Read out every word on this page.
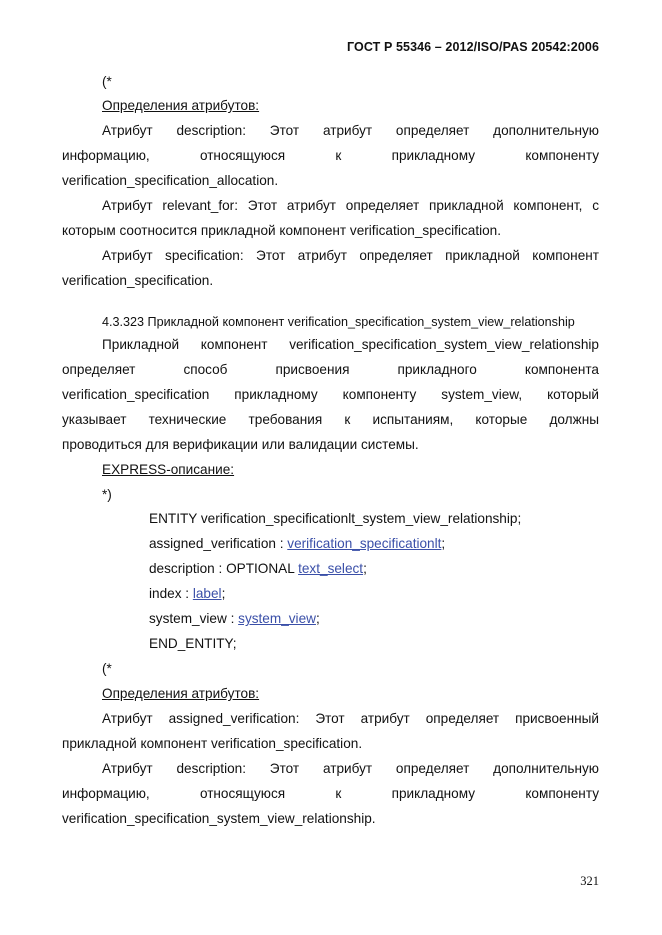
ГОСТ Р 55346 – 2012/ISO/PAS 20542:2006
(*
Определения атрибутов:
Атрибут description: Этот атрибут определяет дополнительную
информацию, относящуюся к прикладному компоненту
verification_specification_allocation.
Атрибут relevant_for: Этот атрибут определяет прикладной компонент, с
которым соотносится прикладной компонент verification_specification.
Атрибут specification: Этот атрибут определяет прикладной компонент
verification_specification.
4.3.323 Прикладной компонент verification_specification_system_view_relationship
Прикладной компонент verification_specification_system_view_relationship
определяет способ присвоения прикладного компонента
verification_specification прикладному компоненту system_view, который
указывает технические требования к испытаниям, которые должны
проводиться для верификации или валидации системы.
EXPRESS-описание:
*)
ENTITY verification_specificationlt_system_view_relationship;
assigned_verification : verification_specificationlt;
description : OPTIONAL text_select;
index : label;
system_view : system_view;
END_ENTITY;
(*
Определения атрибутов:
Атрибут assigned_verification: Этот атрибут определяет присвоенный
прикладной компонент verification_specification.
Атрибут description: Этот атрибут определяет дополнительную
информацию, относящуюся к прикладному компоненту
verification_specification_system_view_relationship.
321
